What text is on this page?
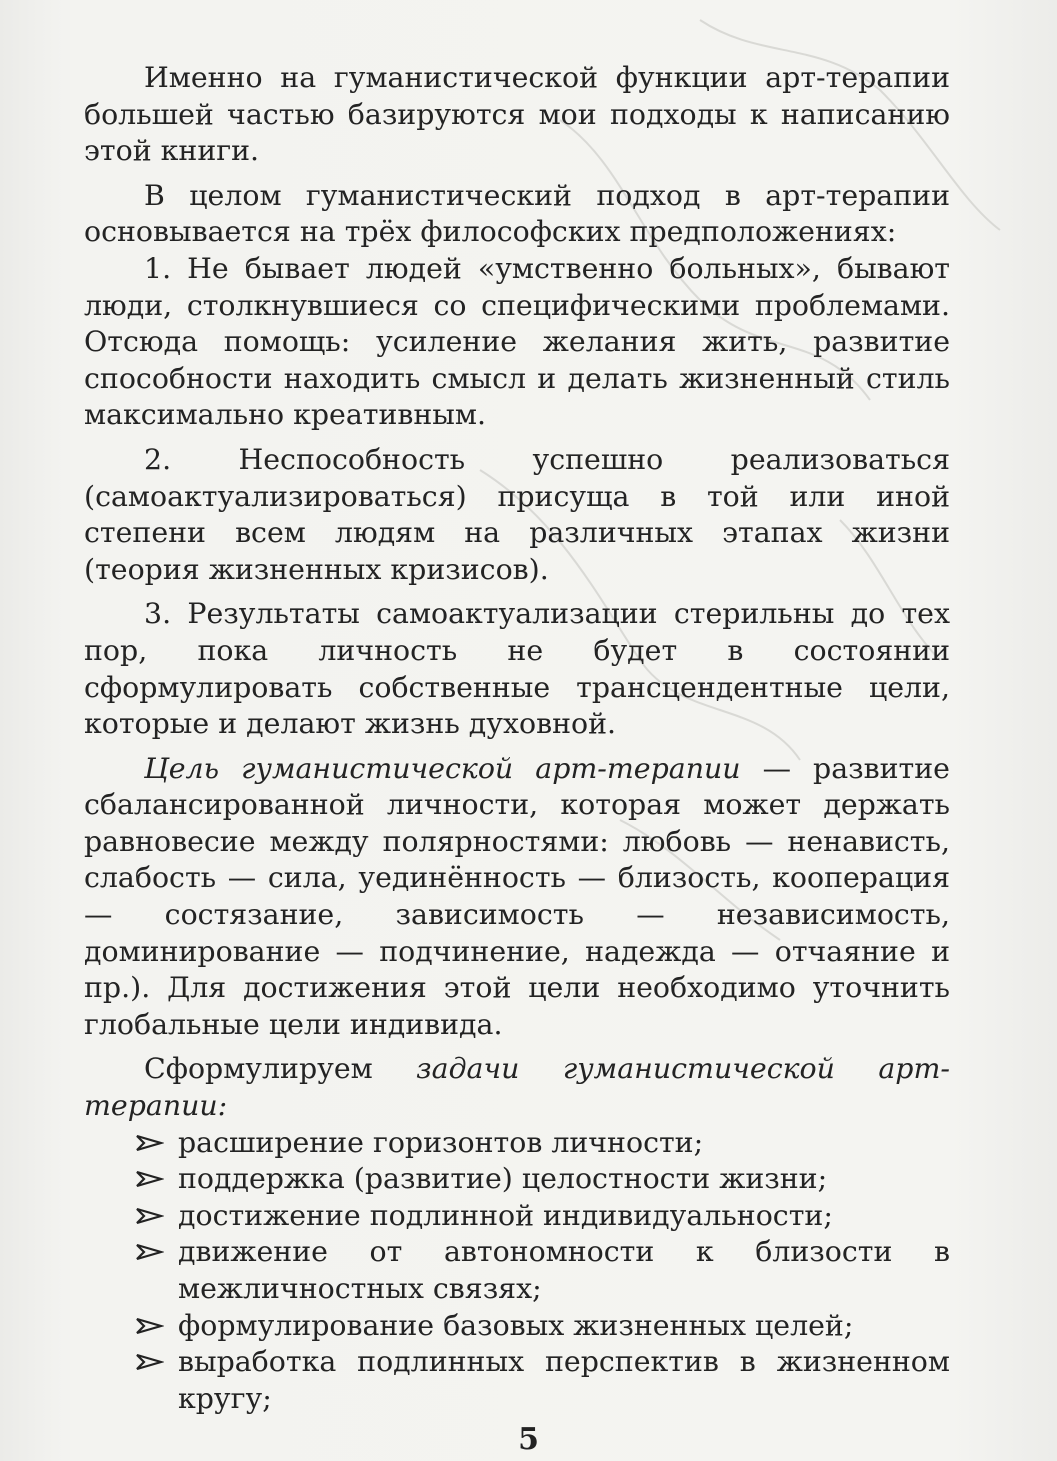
Именно на гуманистической функции арт-терапии большей частью базируются мои подходы к написанию этой книги.

В целом гуманистический подход в арт-терапии основывается на трёх философских предположениях:

1. Не бывает людей «умственно больных», бывают люди, столкнувшиеся со специфическими проблемами. Отсюда помощь: усиление желания жить, развитие способности находить смысл и делать жизненный стиль максимально креативным.

2. Неспособность успешно реализоваться (самоактуализироваться) присуща в той или иной степени всем людям на различных этапах жизни (теория жизненных кризисов).

3. Результаты самоактуализации стерильны до тех пор, пока личность не будет в состоянии сформулировать собственные трансцендентные цели, которые и делают жизнь духовной.

Цель гуманистической арт-терапии — развитие сбалансированной личности, которая может держать равновесие между полярностями: любовь — ненависть, слабость — сила, уединённость — близость, кооперация — состязание, зависимость — независимость, доминирование — подчинение, надежда — отчаяние и пр.). Для достижения этой цели необходимо уточнить глобальные цели индивида.

Сформулируем задачи гуманистической арт-терапии:

расширение горизонтов личности;
поддержка (развитие) целостности жизни;
достижение подлинной индивидуальности;
движение от автономности к близости в межличностных связях;
формулирование базовых жизненных целей;
выработка подлинных перспектив в жизненном кругу;
5
